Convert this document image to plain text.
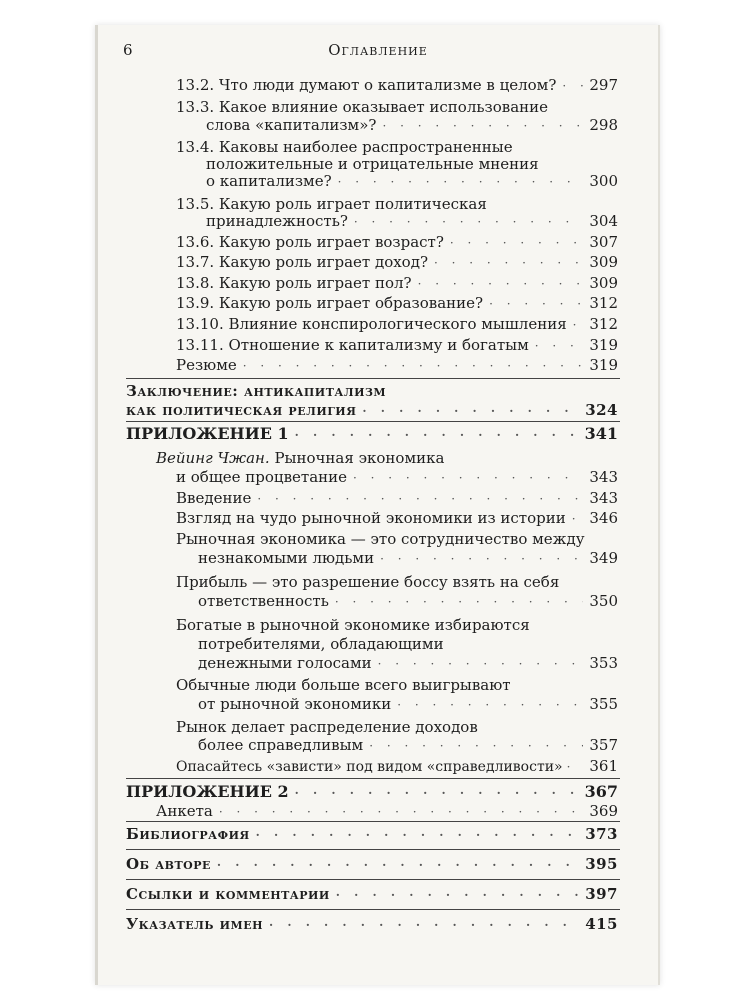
6	Оглавление
13.2. Что люди думают о капитализме в целом? · · · 297
13.3. Какое влияние оказывает использование
слова «капитализм»? · · ·	298
13.4. Каковы наиболее распространенные
положительные и отрицательные мнения
о капитализме? · · ·	300
13.5. Какую роль играет политическая
принадлежность? · · ·	304
13.6. Какую роль играет возраст? · · ·	307
13.7. Какую роль играет доход? · · ·	309
13.8. Какую роль играет пол? · · ·	309
13.9. Какую роль играет образование? · · ·	312
13.10. Влияние конспирологического мышления · · · 312
13.11. Отношение к капитализму и богатым · · ·	319
Резюме · · ·	319
Заключение: антикапитализм
как политическая религия · · ·	324
ПРИЛОЖЕНИЕ 1 · · ·	341
Вейинг Чжан. Рыночная экономика
и общее процветание · · ·	343
Введение · · ·	343
Взгляд на чудо рыночной экономики из истории · · · 346
Рыночная экономика — это сотрудничество между
незнакомыми людьми · · ·	349
Прибыль — это разрешение боссу взять на себя
ответственность · · ·	350
Богатые в рыночной экономике избираются
потребителями, обладающими
денежными голосами · · ·	353
Обычные люди больше всего выигрывают
от рыночной экономики · · ·	355
Рынок делает распределение доходов
более справедливым · · ·	357
Опасайтесь «зависти» под видом «справедливости» · · · 361
ПРИЛОЖЕНИЕ 2 · · ·	367
Анкета · · ·	369
Библиография · · ·	373
Об авторе · · ·	395
Ссылки и комментарии · · ·	397
Указатель имен · · ·	415
